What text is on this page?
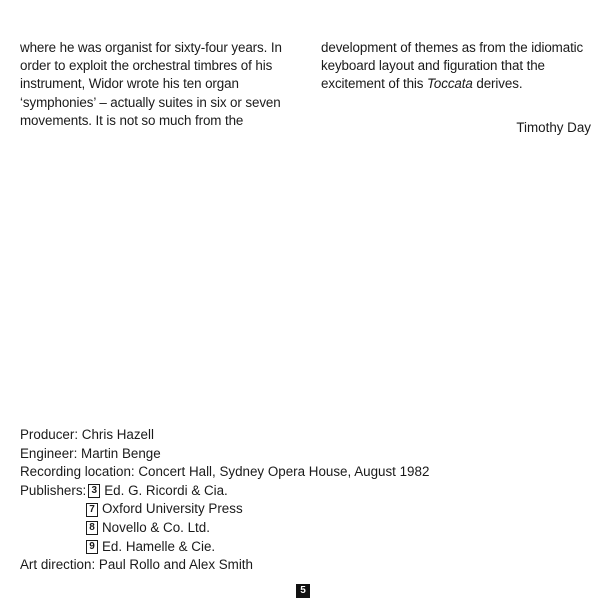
where he was organist for sixty-four years. In

order to exploit the orchestral timbres of his

instrument, Widor wrote his ten organ

‘symphonies’ – actually suites in six or seven

movements. It is not so much from the

development of themes as from the idiomatic

keyboard layout and figuration that the

excitement of this Toccata derives.

Timothy Day
Producer: Chris Hazell
Engineer: Martin Benge
Recording location: Concert Hall, Sydney Opera House, August 1982
Publishers: 3 Ed. G. Ricordi & Cia.
7 Oxford University Press
8 Novello & Co. Ltd.
9 Ed. Hamelle & Cie.
Art direction: Paul Rollo and Alex Smith
5
